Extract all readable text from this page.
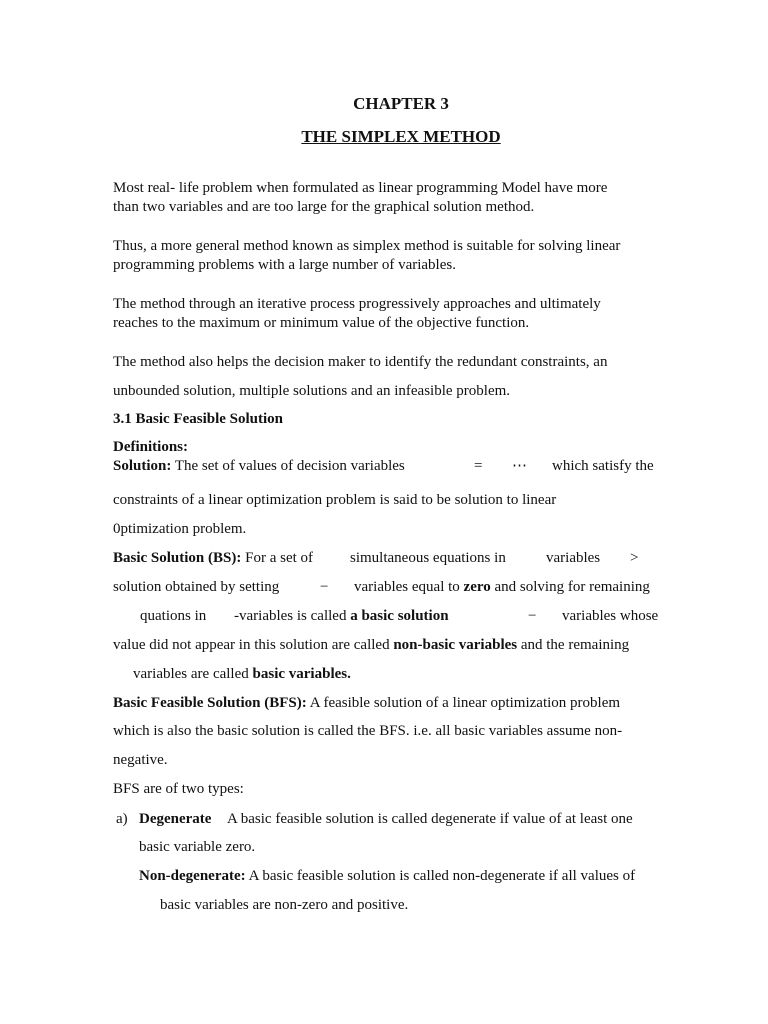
CHAPTER 3
THE SIMPLEX METHOD
Most real- life problem when formulated as linear programming Model have more
than two variables and are too large for the graphical solution method.
Thus, a more general method known as simplex method is suitable for solving linear
programming problems with a large number of variables.
The method through an iterative process progressively approaches and ultimately
reaches to the maximum or minimum value of the objective function.
The method also helps the decision maker to identify the redundant constraints, an
unbounded solution, multiple solutions and an infeasible problem.
3.1 Basic Feasible Solution
Definitions:
Solution: The set of values of decision variables	= ⋯ which satisfy the
constraints of a linear optimization problem is said to be solution to linear
0ptimization problem.
Basic Solution (BS): For a set of simultaneous equations in	variables >
solution obtained by setting	− variables equal to zero and solving for remaining
quations in -variables is called a basic solution	− variables whose
value did not appear in this solution are called non-basic variables and the remaining
variables are called basic variables.
Basic Feasible Solution (BFS): A feasible solution of a linear optimization problem
which is also the basic solution is called the BFS. i.e. all basic variables assume non-
negative.
BFS are of two types:
a) Degenerate A basic feasible solution is called degenerate if value of at least one
basic variable zero.
Non-degenerate: A basic feasible solution is called non-degenerate if all values of
basic variables are non-zero and positive.
